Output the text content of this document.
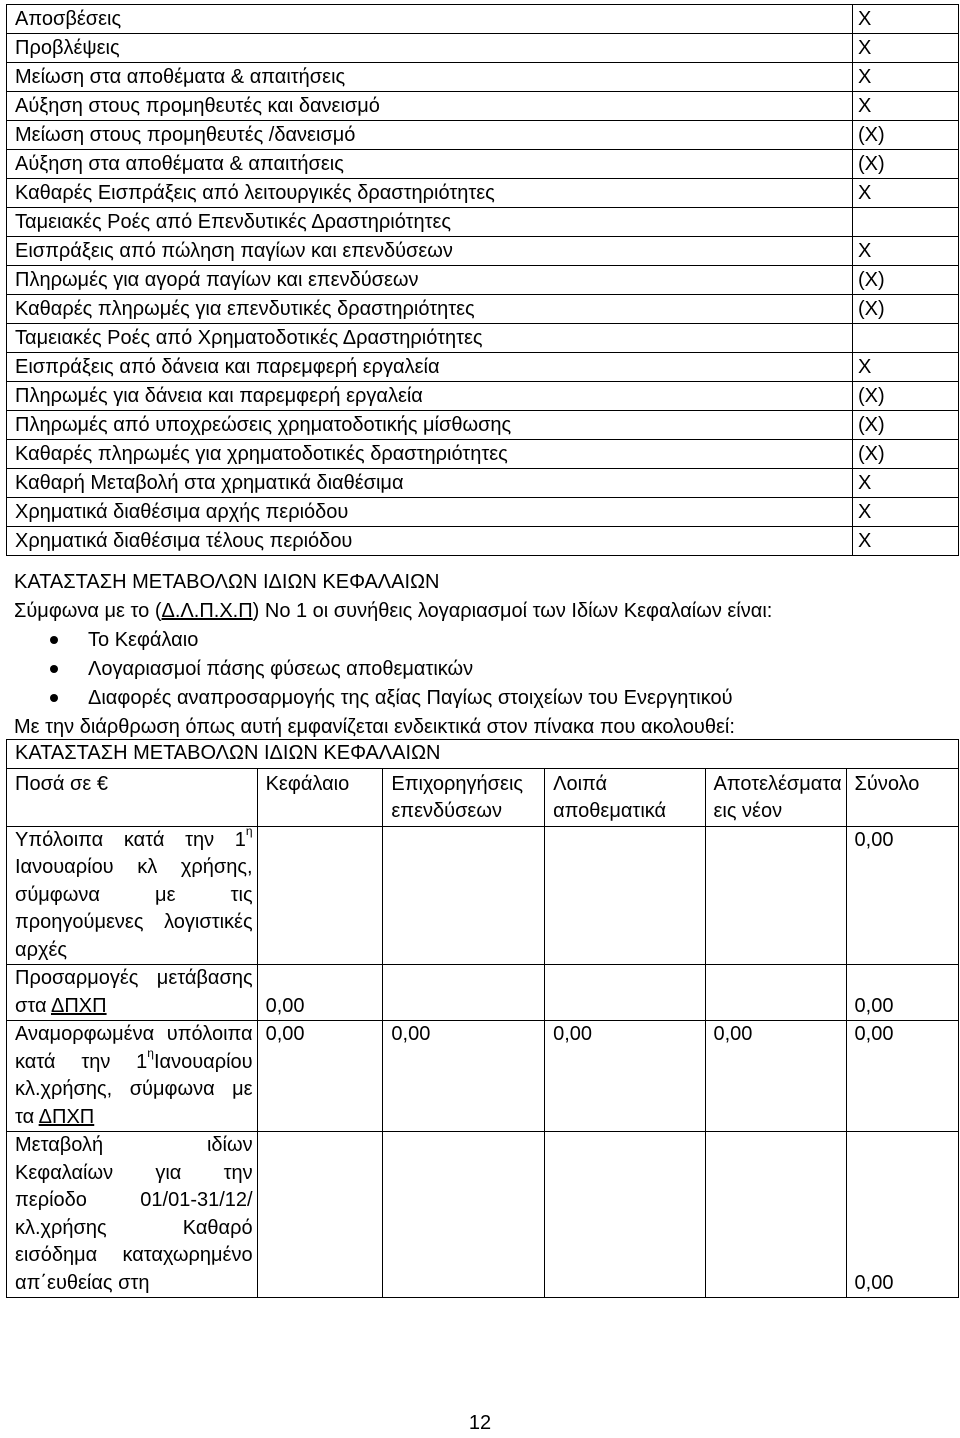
Αποσβέσεις	Χ
Προβλέψεις	Χ
Μείωση στα αποθέματα & απαιτήσεις	Χ
Αύξηση στους προμηθευτές και δανεισμό	Χ
Μείωση στους προμηθευτές /δανεισμό	(Χ)
Αύξηση στα αποθέματα & απαιτήσεις	(Χ)
Καθαρές Εισπράξεις από λειτουργικές δραστηριότητες	Χ
Ταμειακές Ροές από Επενδυτικές Δραστηριότητες	
Εισπράξεις από πώληση παγίων και επενδύσεων	Χ
Πληρωμές για αγορά παγίων και επενδύσεων	(Χ)
Καθαρές πληρωμές για επενδυτικές δραστηριότητες	(Χ)
Ταμειακές Ροές από Χρηματοδοτικές Δραστηριότητες	
Εισπράξεις από δάνεια και παρεμφερή εργαλεία	Χ
Πληρωμές για δάνεια και παρεμφερή εργαλεία	(Χ)
Πληρωμές από υποχρεώσεις χρηματοδοτικής μίσθωσης	(Χ)
Καθαρές πληρωμές για χρηματοδοτικές δραστηριότητες	(Χ)
Καθαρή Μεταβολή στα χρηματικά διαθέσιμα	Χ
Χρηματικά διαθέσιμα αρχής περιόδου	Χ
Χρηματικά διαθέσιμα τέλους περιόδου	Χ

ΚΑΤΑΣΤΑΣΗ ΜΕΤΑΒΟΛΩΝ ΙΔΙΩΝ ΚΕΦΑΛΑΙΩΝ

Σύμφωνα με το (Δ.Λ.Π.Χ.Π) Νο 1 οι συνήθεις λογαριασμοί των Ιδίων Κεφαλαίων είναι:

Το Κεφάλαιο
Λογαριασμοί πάσης φύσεως αποθεματικών
Διαφορές αναπροσαρμογής της αξίας Παγίως στοιχείων του Ενεργητικού

Με την διάρθρωση όπως αυτή εμφανίζεται ενδεικτικά στον πίνακα που ακολουθεί:

ΚΑΤΑΣΤΑΣΗ ΜΕΤΑΒΟΛΩΝ ΙΔΙΩΝ ΚΕΦΑΛΑΙΩΝ					
Ποσά σε €	Κεφάλαιο	Επιχορηγήσεις επενδύσεων	Λοιπά αποθεματικά	Αποτελέσματα εις νέον	Σύνολο
Υπόλοιπα κατά την $1^\eta$ Ιανουαρίου κλ χρήσης, σύμφωνα με τις προηγούμενες λογιστικές αρχές					0,00
Προσαρμογές μετάβασης στα ΔΠΧΠ	0,00				0,00
Αναμορφωμένα υπόλοιπα κατά την $1^\eta I\alpha\nu o\upsilon\alpha\rho ίo\upsilon$ κλ.χρήσης, σύμφωνα με τα ΔΠΧΠ	0,00	0,00	0,00	0,00	0,00
Μεταβολή ιδίων Κεφαλαίων για την περίοδο 01/01-31/12/ κλ.χρήσης Καθαρό εισόδημα καταχωρημένο απ΄ευθείας στη					0,00
12
